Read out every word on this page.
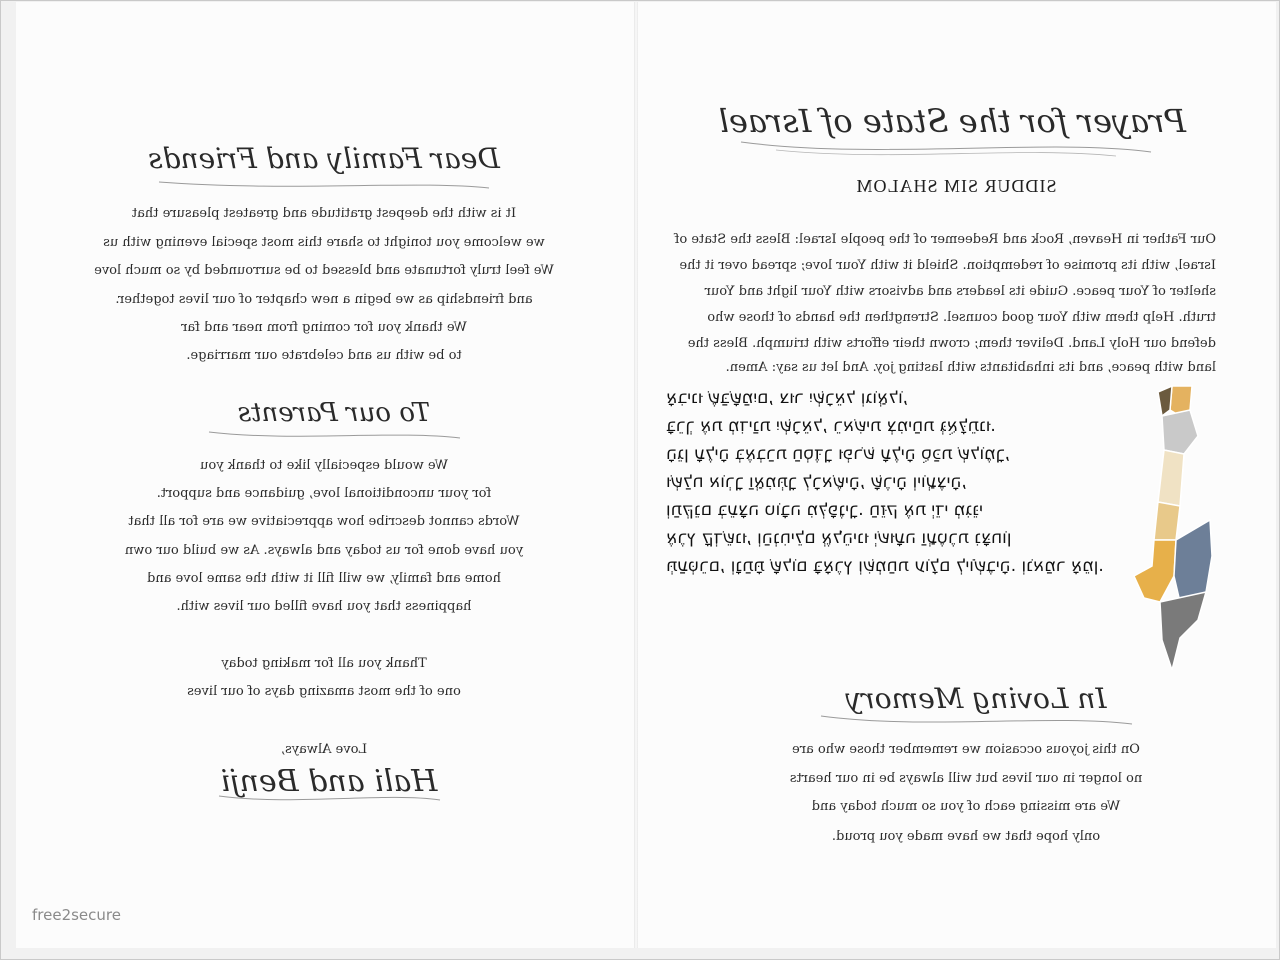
Dear Family and Friends
It is with the deepest gratitude and greatest pleasure that
we welcome you tonight to share this most special evening with us
We feel truly fortunate and blessed to be surrounded by so much love
and friendship as we begin a new chapter of our lives together.
We thank you for coming from near and far
to be with us and celebrate our marriage.
To our Parents
We would especially like to thank you
for your unconditional love, guidance and support.
Words cannot describe how appreciative we are for all that
you have done for us today and always. As we build our own
home and family, we will fill it with the same love and
happiness that you have filled our lives with.
Thank you all for making today
one of the most amazing days of our lives
Love Always,
Hali and Benji
Prayer for the State of Israel
SIDDUR SIM SHALOM
Our Father in Heaven, Rock and Redeemer of the people Israel: Bless the State of
Israel, with its promise of redemption. Shield it with Your love; spread over it the
shelter of Your peace. Guide its leaders and advisors with Your light and Your
truth. Help them with Your good counsel. Strengthen the hands of those who
defend our Holy Land. Deliver them; crown their efforts with triumph. Bless the
land with peace, and its inhabitants with lasting joy. And let us say: Amen.
אָבִינוּ שֶׁבַּשָּׁמַיִם, צוּר יִשְׂרָאֵל וְגוֹאֲלוֹ,
בָּרֵךְ אֶת מְדִינַת יִשְׂרָאֵל, רֵאשִׁית צְמִיחַת גְּאֻלָּתֵנוּ.
הָגֵן עָלֶיהָ בְּאֶבְרַת חַסְדֶּךָ וּפְרֹשׂ עָלֶיהָ סֻכַּת שְׁלוֹמֶךָ,
וּשְׁלַח אוֹרְךָ וַאֲמִתְּךָ לְרָאשֶׁיהָ, שָׂרֶיהָ וְיוֹעֲצֶיהָ,
וְתַקְּנֵם בְּעֵצָה טוֹבָה מִלְּפָנֶיךָ. חַזֵּק אֶת יְדֵי מְגִנֵּי
אֶרֶץ קָדְשֵׁנוּ, וְהַנְחִילֵם אֱלֹהֵינוּ יְשׁוּעָה וַעֲטֶרֶת נִצָּחוֹן
תְּעַטְּרֵם, וְנָתַתָּ שָׁלוֹם בָּאָרֶץ וְשִׂמְחַת עוֹלָם לְיוֹשְׁבֶיהָ. וְנֹאמַר אָמֵן.
In Loving Memory
On this joyous occasion we remember those who are
no longer in our lives but will always be in our hearts
We are missing each of you so much today and
only hope that we have made you proud.
free2secure
